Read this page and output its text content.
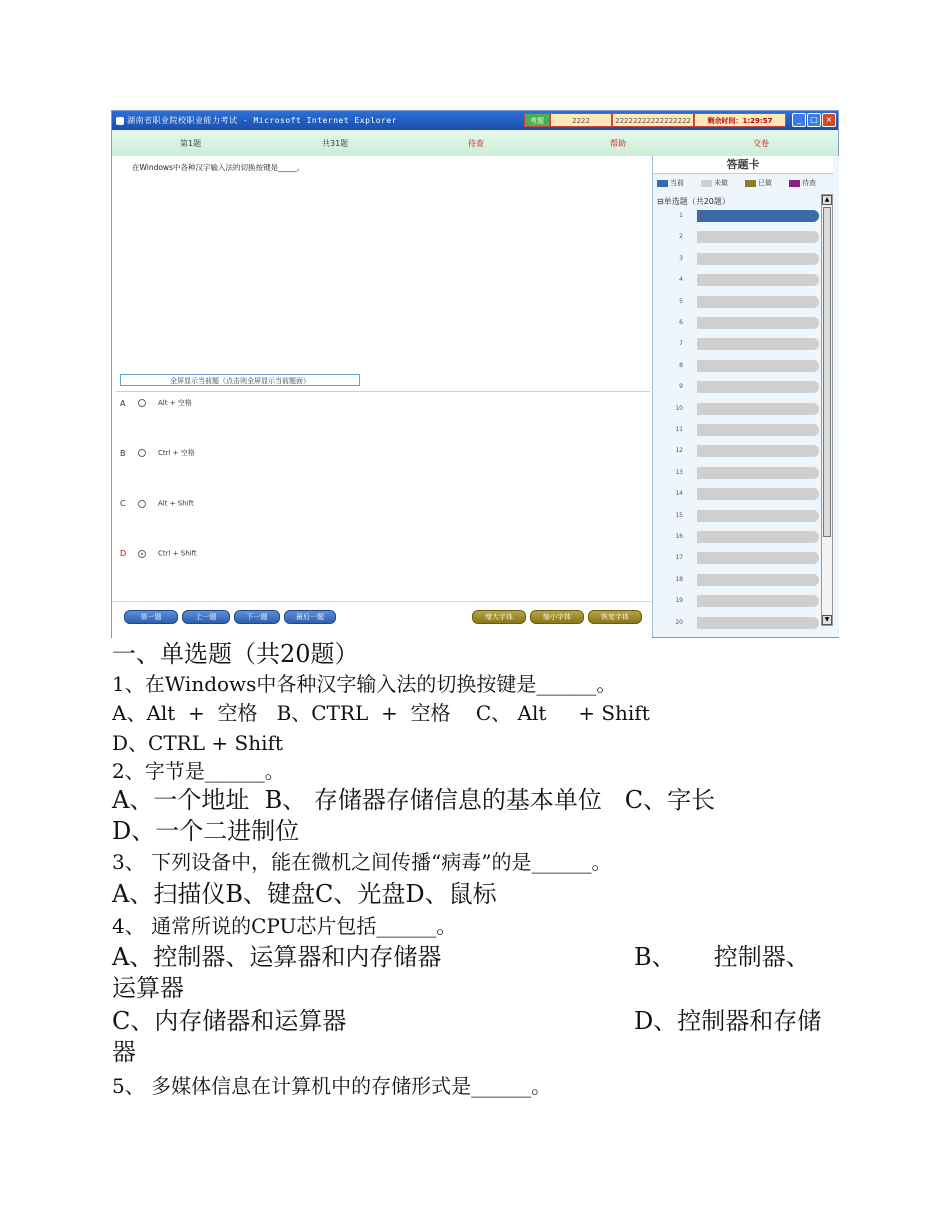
湖南省职业院校职业能力考试 - Microsoft Internet Explorer	考题	2222	22222222222222222	剩余时间：1:29:57	_	□ ×
第1题	共31题	待查	帮助	交卷
在Windows中各种汉字输入法的切换按键是_____。
全屏显示当前题（点击则全屏显示当前题面）
A	Alt + 空格
B	Ctrl + 空格
C	Alt + Shift
D	Ctrl + Shift
第一题	上一题	下一题	最后一题	增大字体	缩小字体	恢复字体
答题卡
当前	未做	已做	待查
⊟单选题（共20题）
1	D
2
3
4
5
6
7
8
9
10
11
12
13
14
15
16
17
18
19
20
▲
▼
一、单选题（共20题）
1、在Windows中各种汉字输入法的切换按键是______。
A、Alt  +  空格   B、CTRL  +  空格    C、 Alt     + Shift
D、CTRL + Shift
2、字节是______。
A、一个地址  B、 存储器存储信息的基本单位   C、字长
D、一个二进制位
3、 下列设备中，能在微机之间传播“病毒”的是______。
A、扫描仪B、键盘C、光盘D、鼠标
4、 通常所说的CPU芯片包括______。
A、控制器、运算器和内存储器	B、     控制器、
运算器
C、内存储器和运算器	D、控制器和存储
器
5、 多媒体信息在计算机中的存储形式是______。
